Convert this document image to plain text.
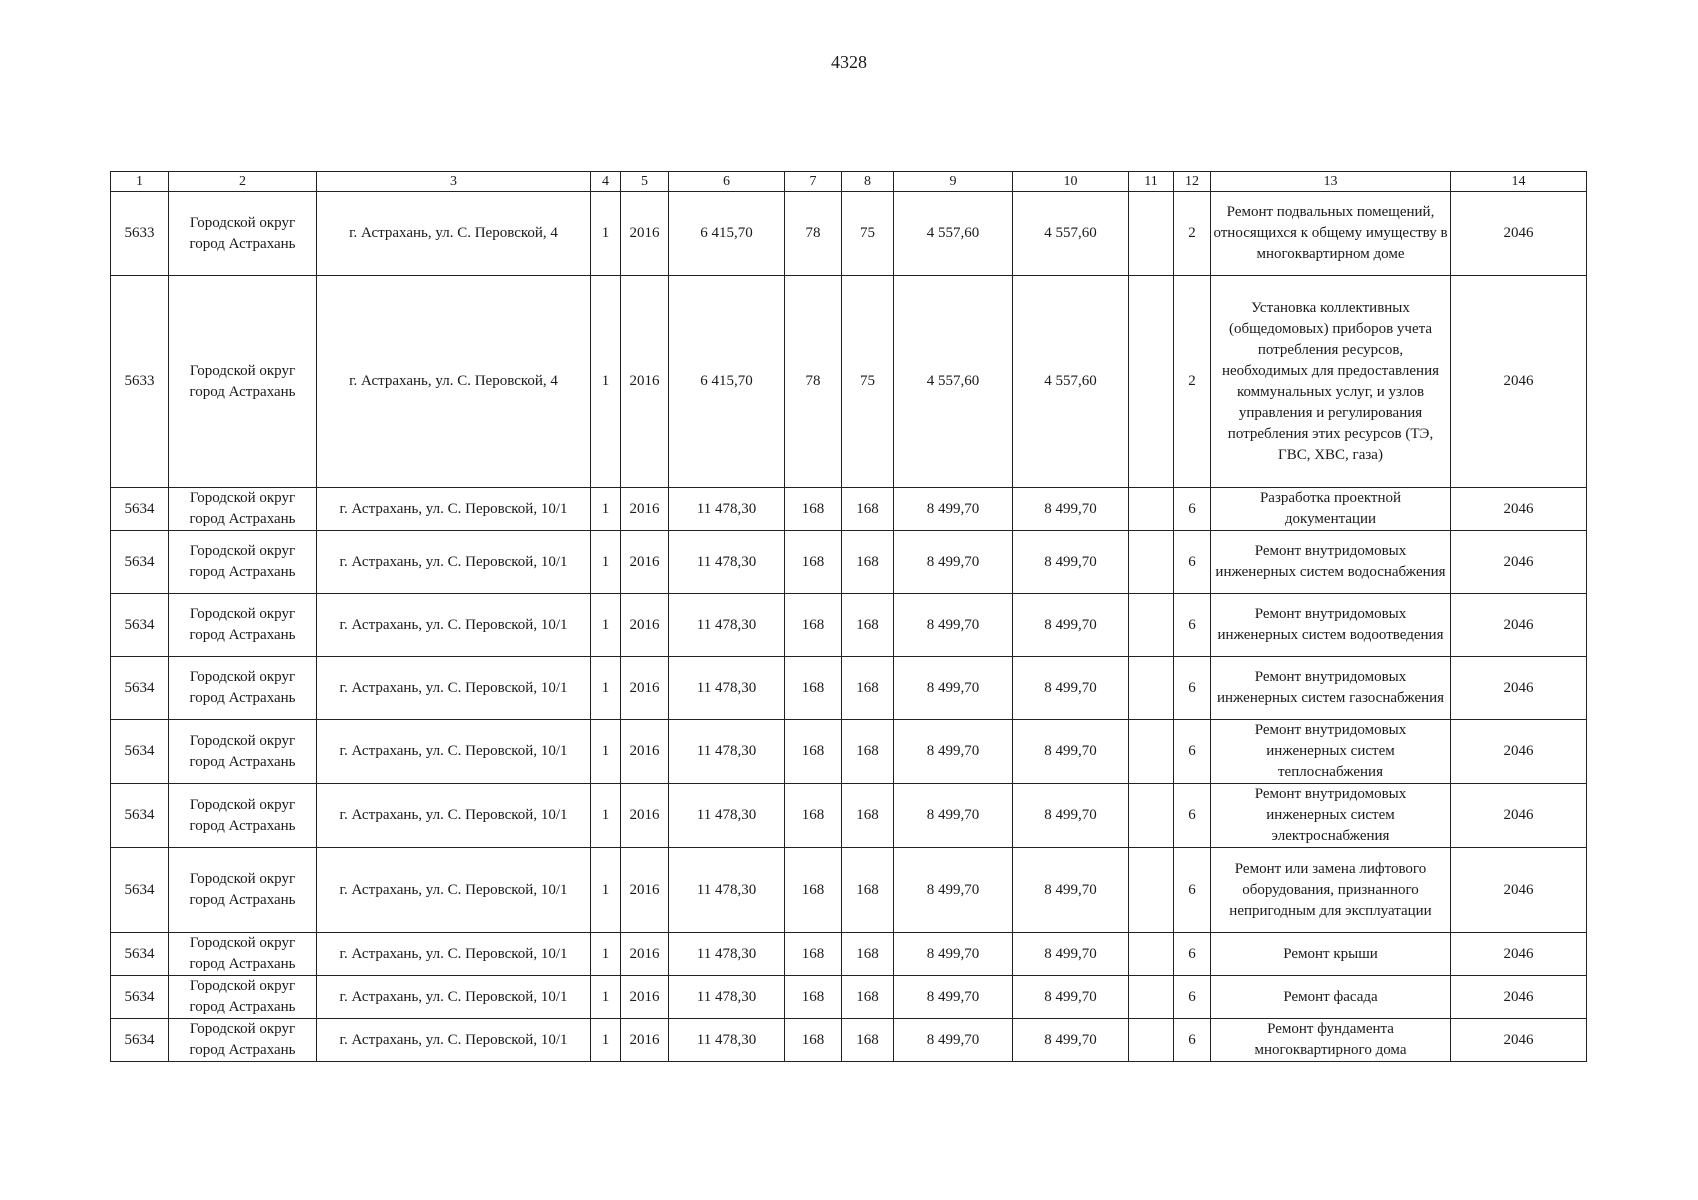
4328
1	2	3	4	5	6	7	8	9	10	11	12	13	14
5633	Городской округ город Астрахань	г. Астрахань, ул. С. Перовской, 4	1	2016	6 415,70	78	75	4 557,60	4 557,60		2	Ремонт подвальных помещений, относящихся к общему имуществу в многоквартирном доме	2046
5633	Городской округ город Астрахань	г. Астрахань, ул. С. Перовской, 4	1	2016	6 415,70	78	75	4 557,60	4 557,60		2	Установка коллективных (общедомовых) приборов учета потребления ресурсов, необходимых для предоставления коммунальных услуг, и узлов управления и регулирования потребления этих ресурсов (ТЭ, ГВС, ХВС, газа)	2046
5634	Городской округ город Астрахань	г. Астрахань, ул. С. Перовской, 10/1	1	2016	11 478,30	168	168	8 499,70	8 499,70		6	Разработка проектной документации	2046
5634	Городской округ город Астрахань	г. Астрахань, ул. С. Перовской, 10/1	1	2016	11 478,30	168	168	8 499,70	8 499,70		6	Ремонт внутридомовых инженерных систем водоснабжения	2046
5634	Городской округ город Астрахань	г. Астрахань, ул. С. Перовской, 10/1	1	2016	11 478,30	168	168	8 499,70	8 499,70		6	Ремонт внутридомовых инженерных систем водоотведения	2046
5634	Городской округ город Астрахань	г. Астрахань, ул. С. Перовской, 10/1	1	2016	11 478,30	168	168	8 499,70	8 499,70		6	Ремонт внутридомовых инженерных систем газоснабжения	2046
5634	Городской округ город Астрахань	г. Астрахань, ул. С. Перовской, 10/1	1	2016	11 478,30	168	168	8 499,70	8 499,70		6	Ремонт внутридомовых инженерных систем теплоснабжения	2046
5634	Городской округ город Астрахань	г. Астрахань, ул. С. Перовской, 10/1	1	2016	11 478,30	168	168	8 499,70	8 499,70		6	Ремонт внутридомовых инженерных систем электроснабжения	2046
5634	Городской округ город Астрахань	г. Астрахань, ул. С. Перовской, 10/1	1	2016	11 478,30	168	168	8 499,70	8 499,70		6	Ремонт или замена лифтового оборудования, признанного непригодным для эксплуатации	2046
5634	Городской округ город Астрахань	г. Астрахань, ул. С. Перовской, 10/1	1	2016	11 478,30	168	168	8 499,70	8 499,70		6	Ремонт крыши	2046
5634	Городской округ город Астрахань	г. Астрахань, ул. С. Перовской, 10/1	1	2016	11 478,30	168	168	8 499,70	8 499,70		6	Ремонт фасада	2046
5634	Городской округ город Астрахань	г. Астрахань, ул. С. Перовской, 10/1	1	2016	11 478,30	168	168	8 499,70	8 499,70		6	Ремонт фундамента многоквартирного дома	2046
